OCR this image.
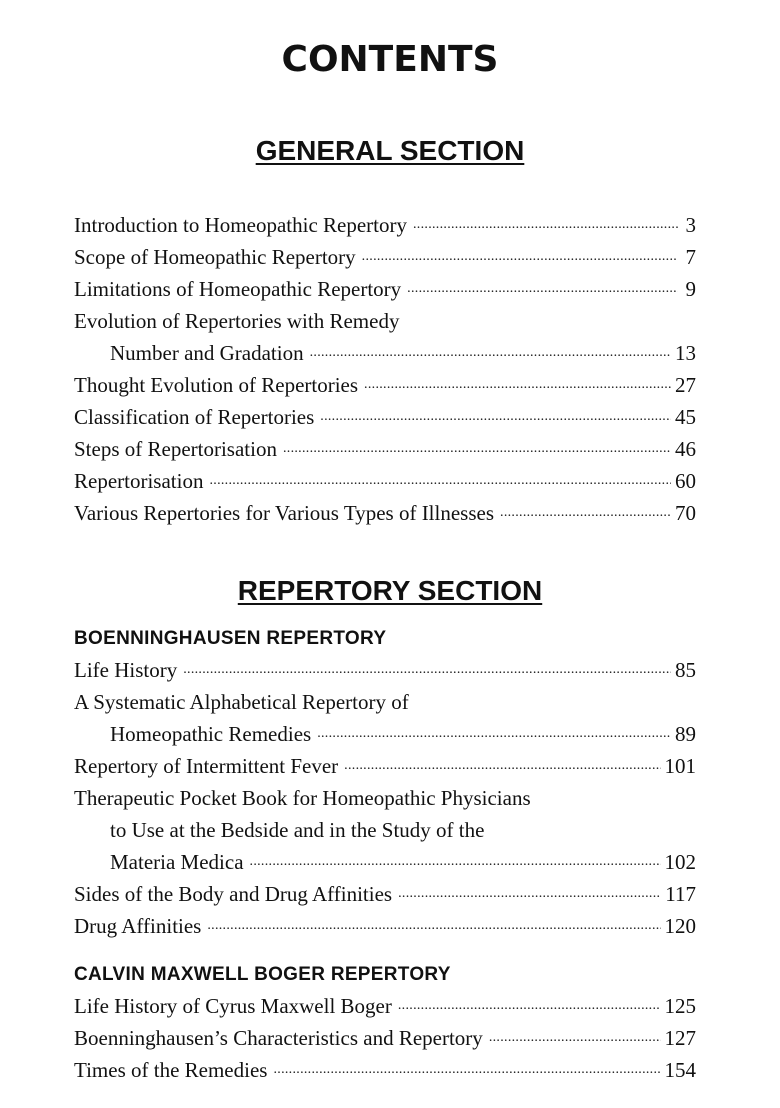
CONTENTS
GENERAL SECTION
Introduction to Homeopathic Repertory . . .	3
Scope of Homeopathic Repertory . . .	7
Limitations of Homeopathic Repertory . . .	9
Evolution of Repertories with Remedy
Number and Gradation . . .	13
Thought Evolution of Repertories . . .	27
Classification of Repertories . . .	45
Steps of Repertorisation . . .	46
Repertorisation . . .	60
Various Repertories for Various Types of Illnesses . . .	70
REPERTORY SECTION
BOENNINGHAUSEN REPERTORY
Life History . . .	85
A Systematic Alphabetical Repertory of
Homeopathic Remedies . . .	89
Repertory of Intermittent Fever . . .	101
Therapeutic Pocket Book for Homeopathic Physicians
to Use at the Bedside and in the Study of the
Materia Medica . . .	102
Sides of the Body and Drug Affinities . . .	117
Drug Affinities . . .	120
CALVIN MAXWELL BOGER REPERTORY
Life History of Cyrus Maxwell Boger . . .	125
Boenninghausen’s Characteristics and Repertory . . .	127
Times of the Remedies . . .	154
